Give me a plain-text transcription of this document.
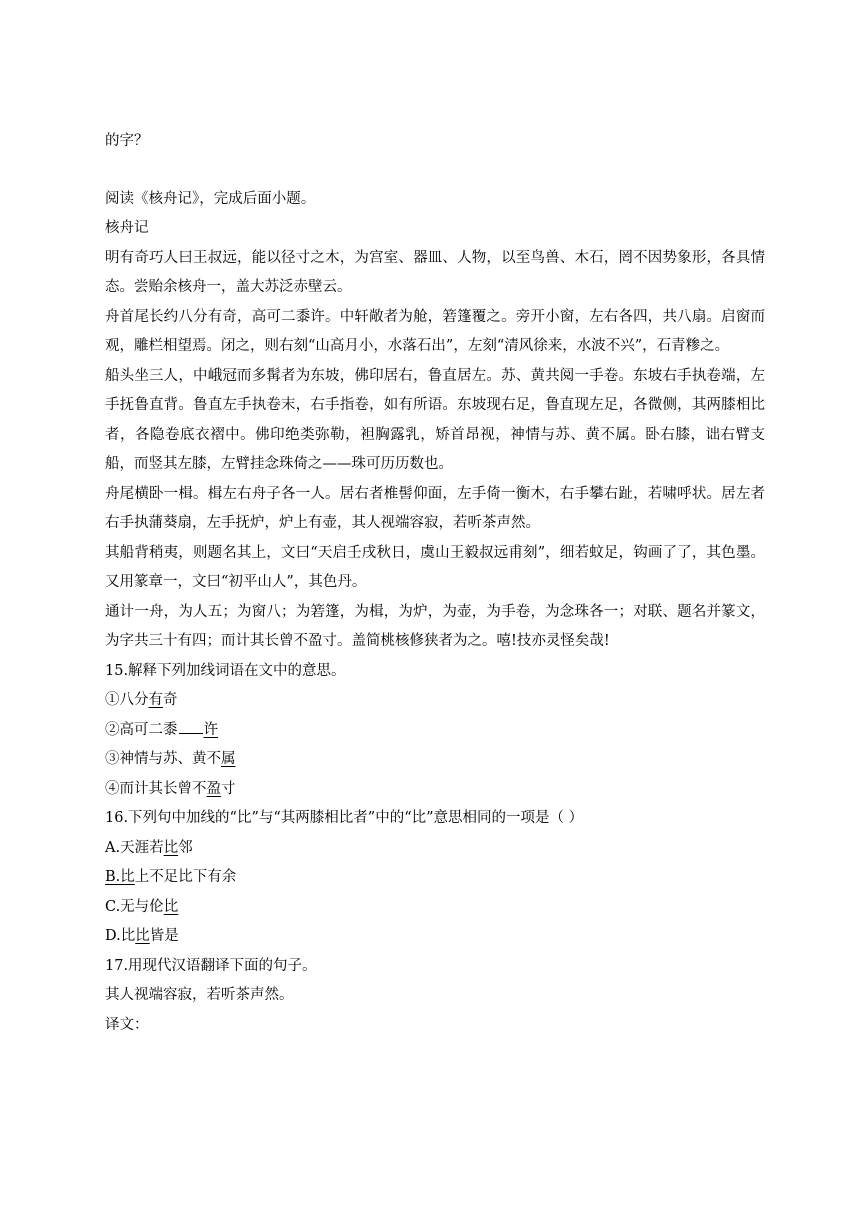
的字？

阅读《核舟记》，完成后面小题。

核舟记

明有奇巧人曰王叔远，能以径寸之木，为宫室、器皿、人物，以至鸟兽、木石，罔不因势象形，各具情态。尝贻余核舟一，盖大苏泛赤壁云。

舟首尾长约八分有奇，高可二黍许。中轩敞者为舱，箬篷覆之。旁开小窗，左右各四，共八扇。启窗而观，雕栏相望焉。闭之，则右刻“山高月小，水落石出”，左刻“清风徐来，水波不兴”，石青糁之。

船头坐三人，中峨冠而多髯者为东坡，佛印居右，鲁直居左。苏、黄共阅一手卷。东坡右手执卷端，左手抚鲁直背。鲁直左手执卷末，右手指卷，如有所语。东坡现右足，鲁直现左足，各微侧，其两膝相比者，各隐卷底衣褶中。佛印绝类弥勒，袒胸露乳，矫首昂视，神情与苏、黄不属。卧右膝，诎右臂支船，而竖其左膝，左臂挂念珠倚之——珠可历历数也。

舟尾横卧一楫。楫左右舟子各一人。居右者椎髻仰面，左手倚一衡木，右手攀右趾，若啸呼状。居左者右手执蒲葵扇，左手抚炉，炉上有壶，其人视端容寂，若听茶声然。

其船背稍夷，则题名其上，文曰“天启壬戌秋日，虞山王毅叔远甫刻”，细若蚊足，钩画了了，其色墨。又用篆章一，文曰“初平山人”，其色丹。

通计一舟，为人五；为窗八；为箬篷，为楫，为炉，为壶，为手卷，为念珠各一；对联、题名并篆文，为字共三十有四；而计其长曾不盈寸。盖简桃核修狭者为之。嘻!技亦灵怪矣哉!

15.解释下列加线词语在文中的意思。

①八分有奇

②高可二黍 许

③神情与苏、黄不属

④而计其长曾不盈寸

16.下列句中加线的“比”与“其两膝相比者”中的“比”意思相同的一项是（ ）

A.天涯若比邻

B.比上不足比下有余

C.无与伦比

D.比比皆是

17.用现代汉语翻译下面的句子。

其人视端容寂，若听茶声然。

译文：
